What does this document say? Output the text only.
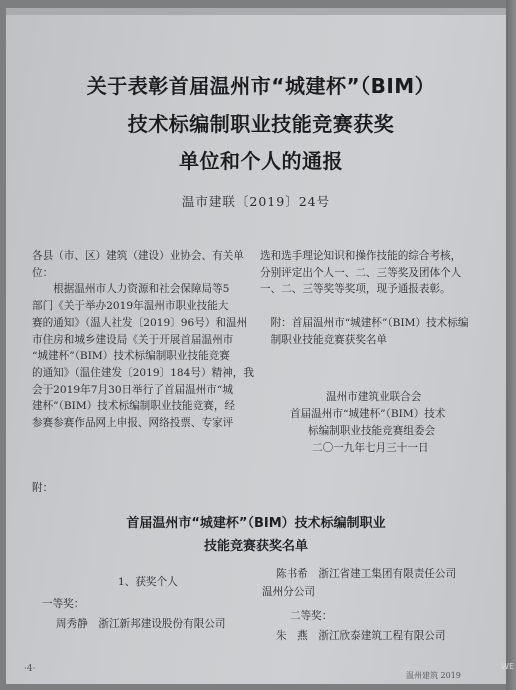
关于表彰首届温州市“城建杯”（BIM）
技术标编制职业技能竞赛获奖
单位和个人的通报
温市建联〔2019〕24号
各县（市、区）建筑（建设）业协会、有关单
位：
　　根据温州市人力资源和社会保障局等5
部门《关于举办2019年温州市职业技能大
赛的通知》（温人社发〔2019〕96号）和温州
市住房和城乡建设局《关于开展首届温州市
“城建杯”（BIM）技术标编制职业技能竞赛
的通知》（温住建发〔2019〕184号）精神，我
会于2019年7月30日举行了首届温州市“城
建杯”（BIM）技术标编制职业技能竞赛，经
参赛参赛作品网上申报、网络投票、专家评
选和选手理论知识和操作技能的综合考核，
分别评定出个人一、二、三等奖及团体个人
一、二、三等奖等奖项，现予通报表彰。

　附：首届温州市“城建杯”（BIM）技术标编
　制职业技能竞赛获奖名单
温州市建筑业联合会
首届温州市“城建杯”（BIM）技术
标编制职业技能竞赛组委会
二〇一九年七月三十一日
附：
首届温州市“城建杯”（BIM）技术标编制职业
技能竞赛获奖名单
1、获奖个人
一等奖：
周秀静　浙江新邦建设股份有限公司
陈书希　浙江省建工集团有限责任公司
温州分公司
二等奖：
朱　燕　浙江欣泰建筑工程有限公司
·4·
温州建筑 2019
WE
